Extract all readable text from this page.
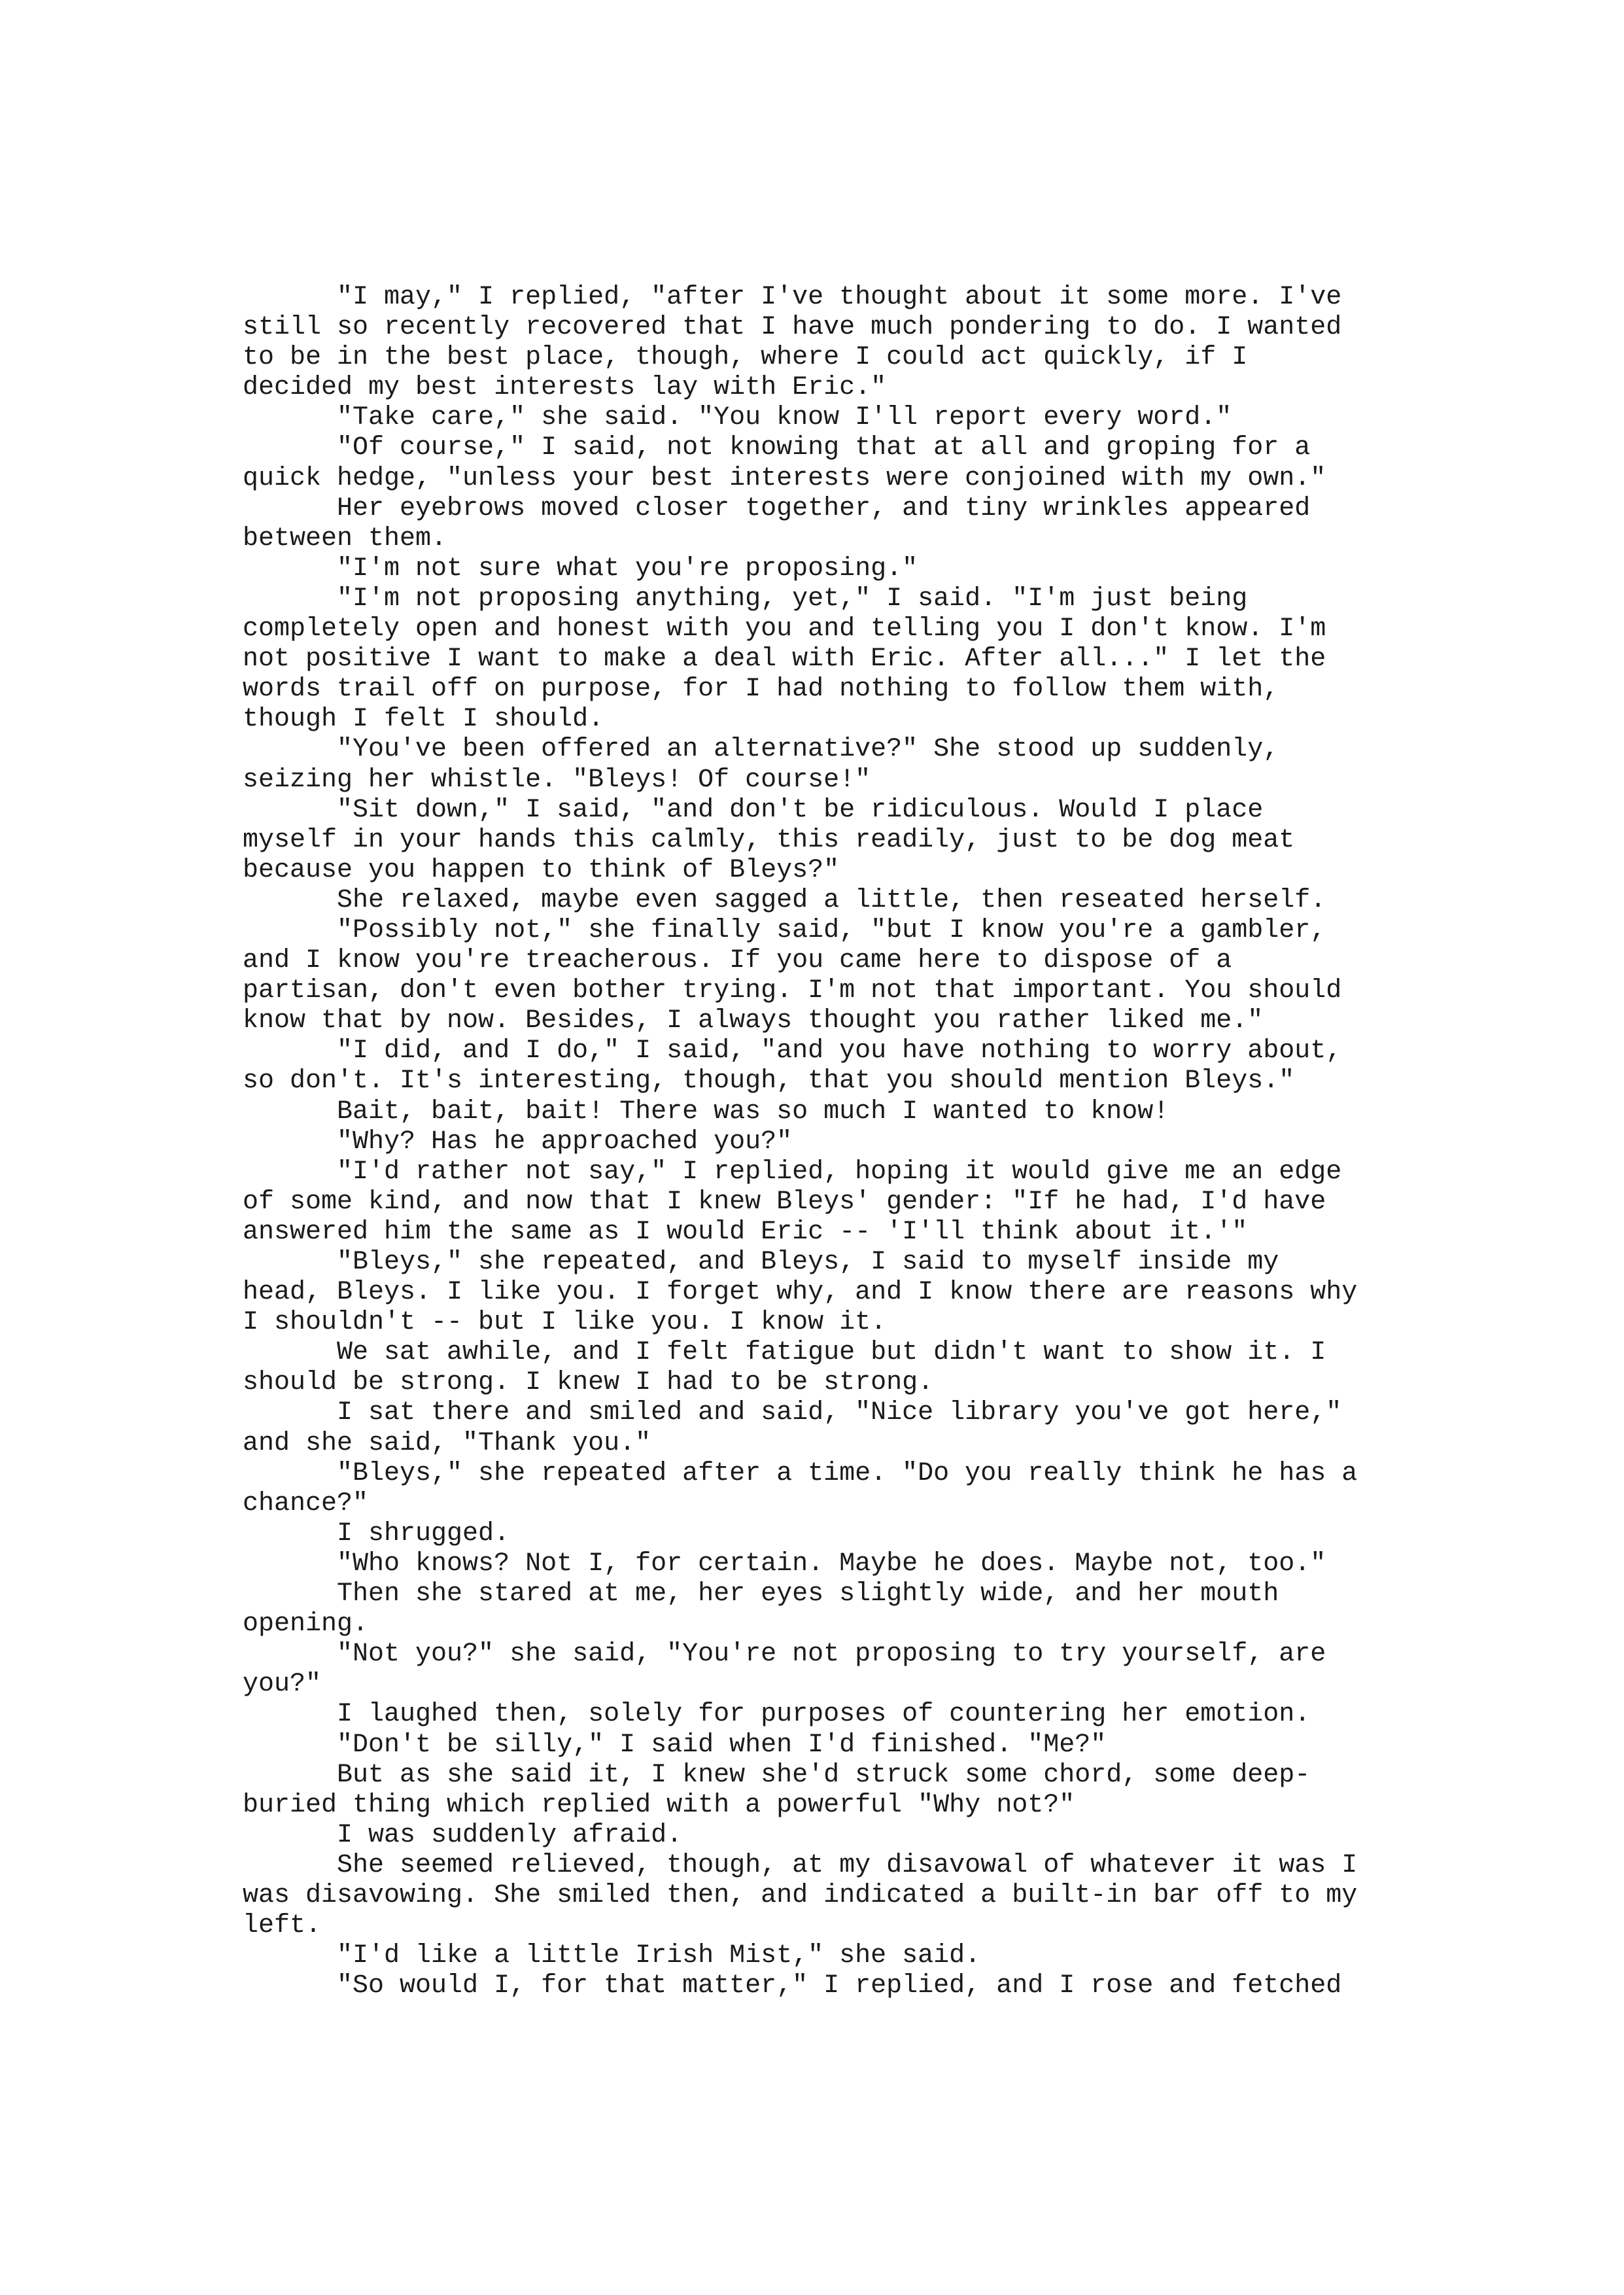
"I may," I replied, "after I've thought about it some more. I've
still so recently recovered that I have much pondering to do. I wanted
to be in the best place, though, where I could act quickly, if I
decided my best interests lay with Eric."
"Take care," she said. "You know I'll report every word."
"Of course," I said, not knowing that at all and groping for a
quick hedge, "unless your best interests were conjoined with my own."
Her eyebrows moved closer together, and tiny wrinkles appeared
between them.
"I'm not sure what you're proposing."
"I'm not proposing anything, yet," I said. "I'm just being
completely open and honest with you and telling you I don't know. I'm
not positive I want to make a deal with Eric. After all..." I let the
words trail off on purpose, for I had nothing to follow them with,
though I felt I should.
"You've been offered an alternative?" She stood up suddenly,
seizing her whistle. "Bleys! Of course!"
"Sit down," I said, "and don't be ridiculous. Would I place
myself in your hands this calmly, this readily, just to be dog meat
because you happen to think of Bleys?"
She relaxed, maybe even sagged a little, then reseated herself.
"Possibly not," she finally said, "but I know you're a gambler,
and I know you're treacherous. If you came here to dispose of a
partisan, don't even bother trying. I'm not that important. You should
know that by now. Besides, I always thought you rather liked me."
"I did, and I do," I said, "and you have nothing to worry about,
so don't. It's interesting, though, that you should mention Bleys."
Bait, bait, bait! There was so much I wanted to know!
"Why? Has he approached you?"
"I'd rather not say," I replied, hoping it would give me an edge
of some kind, and now that I knew Bleys' gender: "If he had, I'd have
answered him the same as I would Eric -- 'I'll think about it.'"
"Bleys," she repeated, and Bleys, I said to myself inside my
head, Bleys. I like you. I forget why, and I know there are reasons why
I shouldn't -- but I like you. I know it.
We sat awhile, and I felt fatigue but didn't want to show it. I
should be strong. I knew I had to be strong.
I sat there and smiled and said, "Nice library you've got here,"
and she said, "Thank you."
"Bleys," she repeated after a time. "Do you really think he has a
chance?"
I shrugged.
"Who knows? Not I, for certain. Maybe he does. Maybe not, too."
Then she stared at me, her eyes slightly wide, and her mouth
opening.
"Not you?" she said, "You're not proposing to try yourself, are
you?"
I laughed then, solely for purposes of countering her emotion.
"Don't be silly," I said when I'd finished. "Me?"
But as she said it, I knew she'd struck some chord, some deep-
buried thing which replied with a powerful "Why not?"
I was suddenly afraid.
She seemed relieved, though, at my disavowal of whatever it was I
was disavowing. She smiled then, and indicated a built-in bar off to my
left.
"I'd like a little Irish Mist," she said.
"So would I, for that matter," I replied, and I rose and fetched
